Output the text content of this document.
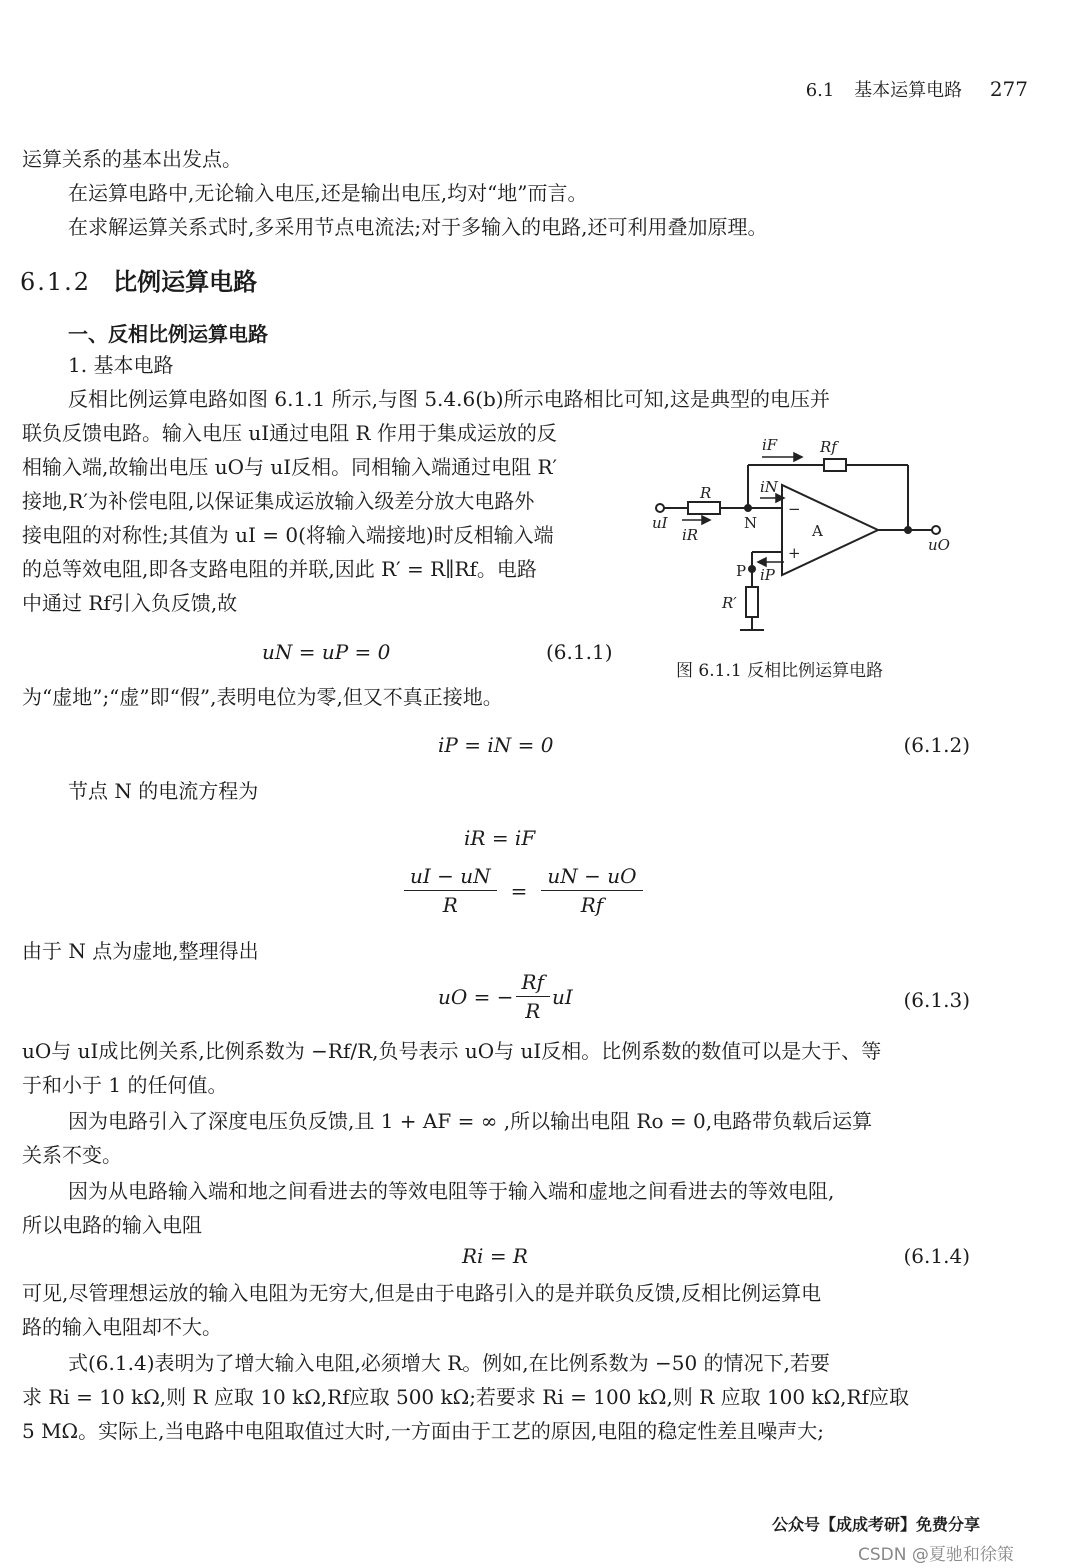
6.1 基本运算电路 277
运算关系的基本出发点。
在运算电路中,无论输入电压,还是输出电压,均对“地”而言。
在求解运算关系式时,多采用节点电流法;对于多输入的电路,还可利用叠加原理。
6.1.2 比例运算电路
一、反相比例运算电路
1. 基本电路
反相比例运算电路如图 6.1.1 所示,与图 5.4.6(b)所示电路相比可知,这是典型的电压并
联负反馈电路。输入电压 uI通过电阻 R 作用于集成运放的反
相输入端,故输出电压 uO与 uI反相。同相输入端通过电阻 R′
接地,R′为补偿电阻,以保证集成运放输入级差分放大电路外
接电阻的对称性;其值为 uI = 0(将输入端接地)时反相输入端
的总等效电阻,即各支路电阻的并联,因此 R′ = R∥Rf。电路
中通过 Rf引入负反馈,故
uN = uP = 0	(6.1.1)
iF	Rf
R	iN
uI
iR
uO
iP
R′
N	A
P
−
+
图 6.1.1 反相比例运算电路
为“虚地”;“虚”即“假”,表明电位为零,但又不真正接地。
iP = iN = 0	(6.1.2)
节点 N 的电流方程为
iR = iF
$\frac{uI - uN}{R} = \frac{uN - uO}{Rf}$
由于 N 点为虚地,整理得出
uO = − $\frac{Rf}{R}$ uI	(6.1.3)
uO与 uI成比例关系,比例系数为 −Rf/R,负号表示 uO与 uI反相。比例系数的数值可以是大于、等
于和小于 1 的任何值。
因为电路引入了深度电压负反馈,且 1 + AF = ∞ ,所以输出电阻 Ro = 0,电路带负载后运算
关系不变。
因为从电路输入端和地之间看进去的等效电阻等于输入端和虚地之间看进去的等效电阻,
所以电路的输入电阻
Ri = R	(6.1.4)
可见,尽管理想运放的输入电阻为无穷大,但是由于电路引入的是并联负反馈,反相比例运算电
路的输入电阻却不大。
式(6.1.4)表明为了增大输入电阻,必须增大 R。例如,在比例系数为 −50 的情况下,若要
求 Ri = 10 kΩ,则 R 应取 10 kΩ,Rf应取 500 kΩ;若要求 Ri = 100 kΩ,则 R 应取 100 kΩ,Rf应取
5 MΩ。实际上,当电路中电阻取值过大时,一方面由于工艺的原因,电阻的稳定性差且噪声大;
公众号【成成考研】免费分享
CSDN @夏驰和徐策
